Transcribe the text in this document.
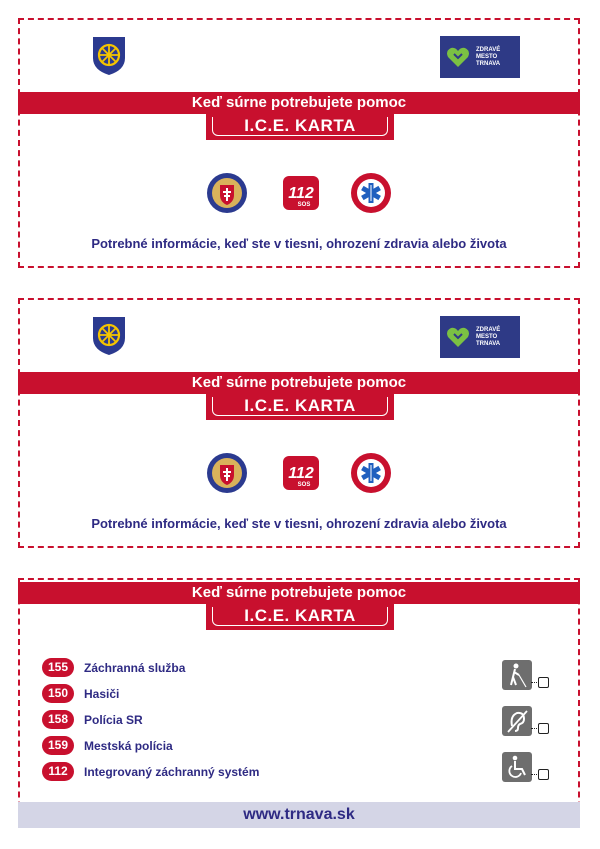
ZDRAVÉ
MESTO
TRNAVA
Keď súrne potrebujete pomoc
I.C.E. KARTA
112
SOS
Potrebné informácie, keď ste v tiesni, ohrození zdravia alebo života
ZDRAVÉ
MESTO
TRNAVA
Keď súrne potrebujete pomoc
I.C.E. KARTA
112
SOS
Potrebné informácie, keď ste v tiesni, ohrození zdravia alebo života
Keď súrne potrebujete pomoc
I.C.E. KARTA
155	Záchranná služba
150	Hasiči
158	Polícia SR
159	Mestská polícia
112	Integrovaný záchranný systém
www.trnava.sk
